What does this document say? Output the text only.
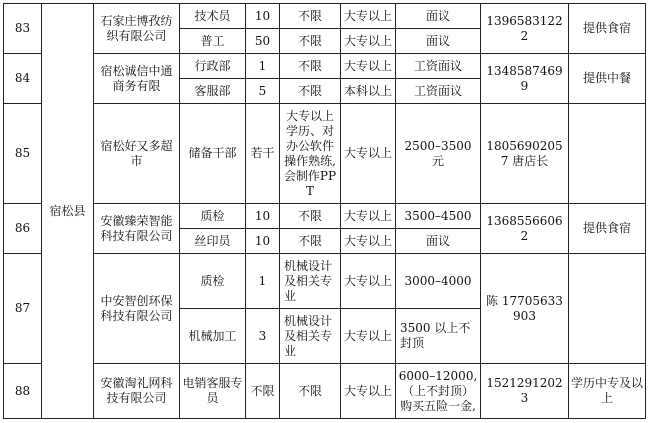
83	宿松县	石家庄博孜纺织有限公司	技术员	10	不限	大专以上	面议	13965831222	提供食宿
			普工	50	不限	大专以上	面议		
84		宿松诚信中通商务有限	行政部	1	不限	大专以上	工资面议	13485874699	提供中餐
			客服部	5	不限	本科以上	工资面议		
85		宿松好又多超市	储备干部	若干	大专以上学历、对办公软件操作熟练,会制作PPT	大专以上	2500–3500 元	18056902057 唐店长	
86		安徽臻荣智能科技有限公司	质检	10	不限	大专以上	3500–4500	13685566062	提供食宿
			丝印员	10	不限	大专以上	面议		
87		中安智创环保科技有限公司	质检	1	机械设计及相关专业	大专以上	3000–4000	陈 17705633903	
			机械加工	3	机械设计及相关专业	大专以上	3500 以上不封顶		
88		安徽淘礼网科技有限公司	电销客服专员	不限	不限	大专以上	6000–12000,（上不封顶）购买五险一金,	15212912023	学历中专及以上
